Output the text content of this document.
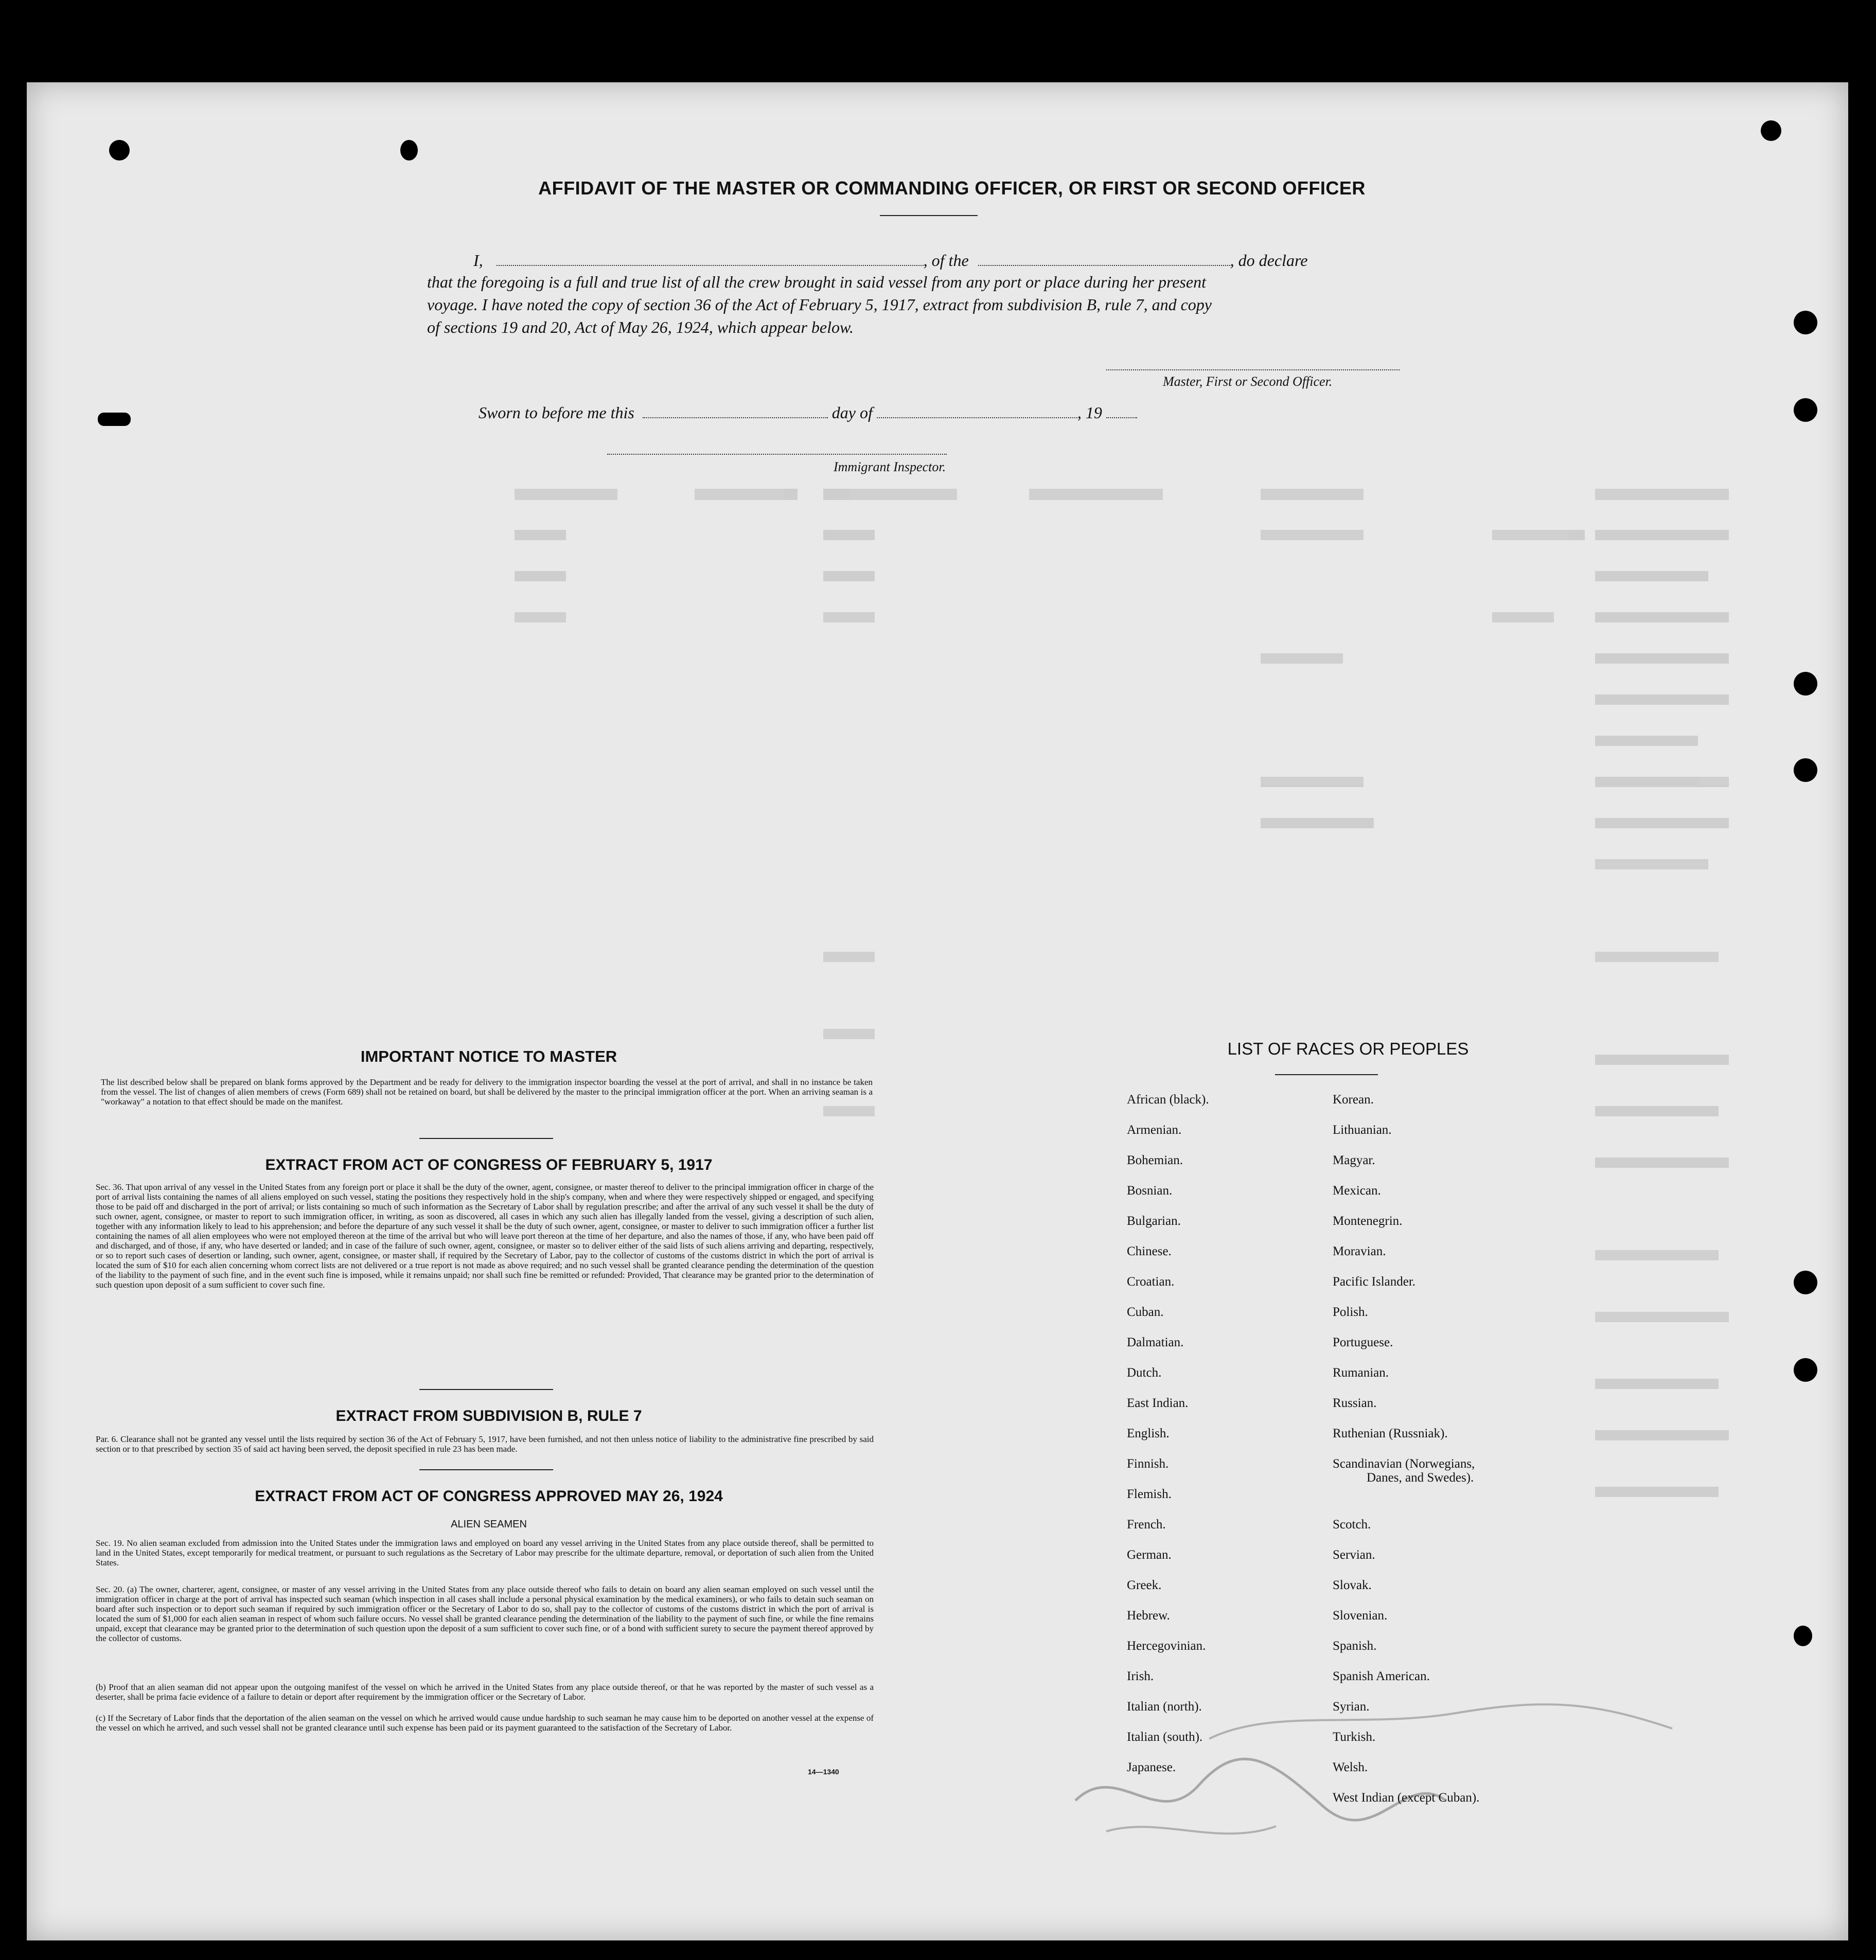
AFFIDAVIT OF THE MASTER OR COMMANDING OFFICER, OR FIRST OR SECOND OFFICER
I,	, of the	, do declare
that the foregoing is a full and true list of all the crew brought in said vessel from any port or place during her present
voyage. I have noted the copy of section 36 of the Act of February 5, 1917, extract from subdivision B, rule 7, and copy
of sections 19 and 20, Act of May 26, 1924, which appear below.
Master, First or Second Officer.
Sworn to before me this	day of	, 19
Immigrant Inspector.
IMPORTANT NOTICE TO MASTER
The list described below shall be prepared on blank forms approved by the Department and be ready for delivery to the immigration inspector boarding the vessel at the port of arrival, and shall in no instance be taken from the vessel. The list of changes of alien members of crews (Form 689) shall not be retained on board, but shall be delivered by the master to the principal immigration officer at the port. When an arriving seaman is a "workaway" a notation to that effect should be made on the manifest.
EXTRACT FROM ACT OF CONGRESS OF FEBRUARY 5, 1917
Sec. 36. That upon arrival of any vessel in the United States from any foreign port or place it shall be the duty of the owner, agent, consignee, or master thereof to deliver to the principal immigration officer in charge of the port of arrival lists containing the names of all aliens employed on such vessel, stating the positions they respectively hold in the ship's company, when and where they were respectively shipped or engaged, and specifying those to be paid off and discharged in the port of arrival; or lists containing so much of such information as the Secretary of Labor shall by regulation prescribe; and after the arrival of any such vessel it shall be the duty of such owner, agent, consignee, or master to report to such immigration officer, in writing, as soon as discovered, all cases in which any such alien has illegally landed from the vessel, giving a description of such alien, together with any information likely to lead to his apprehension; and before the departure of any such vessel it shall be the duty of such owner, agent, consignee, or master to deliver to such immigration officer a further list containing the names of all alien employees who were not employed thereon at the time of the arrival but who will leave port thereon at the time of her departure, and also the names of those, if any, who have been paid off and discharged, and of those, if any, who have deserted or landed; and in case of the failure of such owner, agent, consignee, or master so to deliver either of the said lists of such aliens arriving and departing, respectively, or so to report such cases of desertion or landing, such owner, agent, consignee, or master shall, if required by the Secretary of Labor, pay to the collector of customs of the customs district in which the port of arrival is located the sum of $10 for each alien concerning whom correct lists are not delivered or a true report is not made as above required; and no such vessel shall be granted clearance pending the determination of the question of the liability to the payment of such fine, and in the event such fine is imposed, while it remains unpaid; nor shall such fine be remitted or refunded: Provided, That clearance may be granted prior to the determination of such question upon deposit of a sum sufficient to cover such fine.
EXTRACT FROM SUBDIVISION B, RULE 7
Par. 6. Clearance shall not be granted any vessel until the lists required by section 36 of the Act of February 5, 1917, have been furnished, and not then unless notice of liability to the administrative fine prescribed by said section or to that prescribed by section 35 of said act having been served, the deposit specified in rule 23 has been made.
EXTRACT FROM ACT OF CONGRESS APPROVED MAY 26, 1924
ALIEN SEAMEN
Sec. 19. No alien seaman excluded from admission into the United States under the immigration laws and employed on board any vessel arriving in the United States from any place outside thereof, shall be permitted to land in the United States, except temporarily for medical treatment, or pursuant to such regulations as the Secretary of Labor may prescribe for the ultimate departure, removal, or deportation of such alien from the United States.
Sec. 20. (a) The owner, charterer, agent, consignee, or master of any vessel arriving in the United States from any place outside thereof who fails to detain on board any alien seaman employed on such vessel until the immigration officer in charge at the port of arrival has inspected such seaman (which inspection in all cases shall include a personal physical examination by the medical examiners), or who fails to detain such seaman on board after such inspection or to deport such seaman if required by such immigration officer or the Secretary of Labor to do so, shall pay to the collector of customs of the customs district in which the port of arrival is located the sum of $1,000 for each alien seaman in respect of whom such failure occurs. No vessel shall be granted clearance pending the determination of the liability to the payment of such fine, or while the fine remains unpaid, except that clearance may be granted prior to the determination of such question upon the deposit of a sum sufficient to cover such fine, or of a bond with sufficient surety to secure the payment thereof approved by the collector of customs.
(b) Proof that an alien seaman did not appear upon the outgoing manifest of the vessel on which he arrived in the United States from any place outside thereof, or that he was reported by the master of such vessel as a deserter, shall be prima facie evidence of a failure to detain or deport after requirement by the immigration officer or the Secretary of Labor.
(c) If the Secretary of Labor finds that the deportation of the alien seaman on the vessel on which he arrived would cause undue hardship to such seaman he may cause him to be deported on another vessel at the expense of the vessel on which he arrived, and such vessel shall not be granted clearance until such expense has been paid or its payment guaranteed to the satisfaction of the Secretary of Labor.
14—1340
LIST OF RACES OR PEOPLES
African (black).
Armenian.
Bohemian.
Bosnian.
Bulgarian.
Chinese.
Croatian.
Cuban.
Dalmatian.
Dutch.
East Indian.
English.
Finnish.
Flemish.
French.
German.
Greek.
Hebrew.
Hercegovinian.
Irish.
Italian (north).
Italian (south).
Japanese.
Korean.
Lithuanian.
Magyar.
Mexican.
Montenegrin.
Moravian.
Pacific Islander.
Polish.
Portuguese.
Rumanian.
Russian.
Ruthenian (Russniak).
Scandinavian (Norwegians,
Danes, and Swedes).
Scotch.
Servian.
Slovak.
Slovenian.
Spanish.
Spanish American.
Syrian.
Turkish.
Welsh.
West Indian (except Cuban).
